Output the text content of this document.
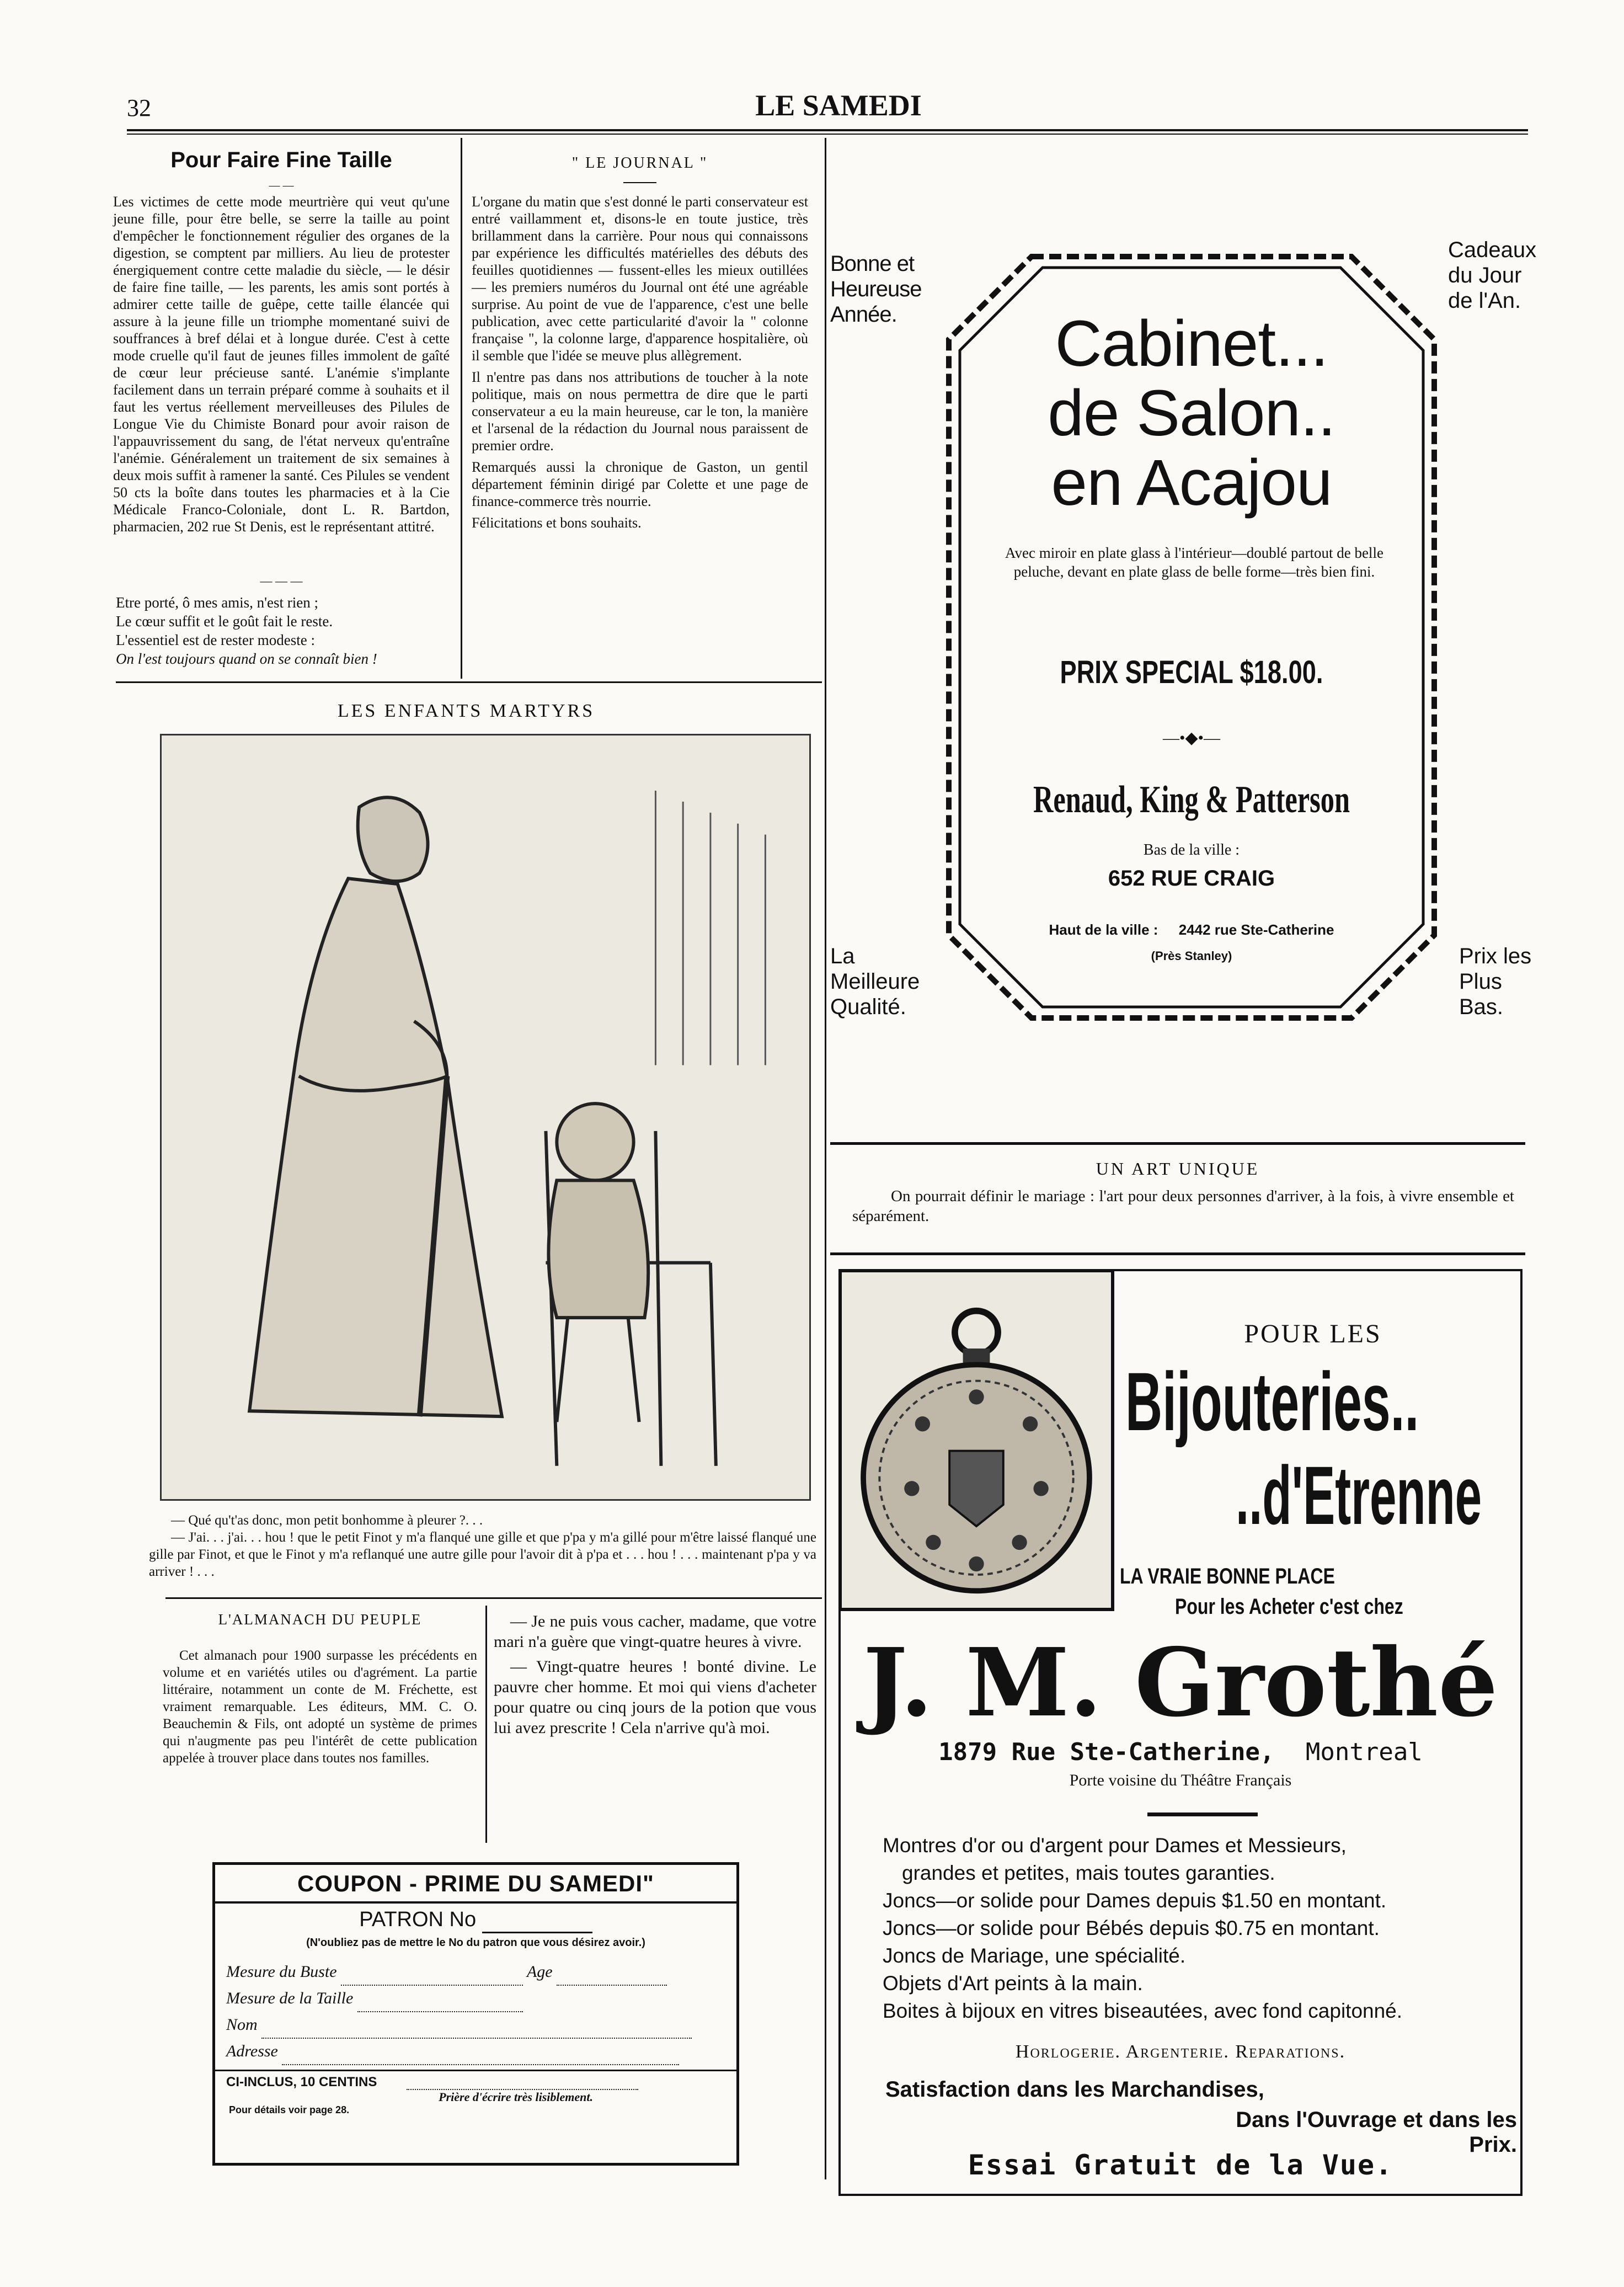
32	LE SAMEDI
Pour Faire Fine Taille
— —
Les victimes de cette mode meurtrière qui veut qu'une jeune fille, pour être belle, se serre la taille au point d'empêcher le fonctionnement régulier des organes de la digestion, se comptent par milliers. Au lieu de protester énergiquement contre cette maladie du siècle, — le désir de faire fine taille, — les parents, les amis sont portés à admirer cette taille de guêpe, cette taille élancée qui assure à la jeune fille un triomphe momentané suivi de souffrances à bref délai et à longue durée. C'est à cette mode cruelle qu'il faut de jeunes filles immolent de gaîté de cœur leur précieuse santé. L'anémie s'implante facilement dans un terrain préparé comme à souhaits et il faut les vertus réellement merveilleuses des Pilules de Longue Vie du Chimiste Bonard pour avoir raison de l'appauvrissement du sang, de l'état nerveux qu'entraîne l'anémie. Généralement un traitement de six semaines à deux mois suffit à ramener la santé. Ces Pilules se vendent 50 cts la boîte dans toutes les pharmacies et à la Cie Médicale Franco-Coloniale, dont L. R. Bartdon, pharmacien, 202 rue St Denis, est le représentant attitré.
— — —
Etre porté, ô mes amis, n'est rien ;
Le cœur suffit et le goût fait le reste.
L'essentiel est de rester modeste :
On l'est toujours quand on se connaît bien !
" LE JOURNAL "

L'organe du matin que s'est donné le parti conservateur est entré vaillamment et, disons-le en toute justice, très brillamment dans la carrière. Pour nous qui connaissons par expérience les difficultés matérielles des débuts des feuilles quotidiennes — fussent-elles les mieux outillées — les premiers numéros du Journal ont été une agréable surprise. Au point de vue de l'apparence, c'est une belle publication, avec cette particularité d'avoir la " colonne française ", la colonne large, d'apparence hospitalière, où il semble que l'idée se meuve plus allègrement.

Il n'entre pas dans nos attributions de toucher à la note politique, mais on nous permettra de dire que le parti conservateur a eu la main heureuse, car le ton, la manière et l'arsenal de la rédaction du Journal nous paraissent de premier ordre.

Remarqués aussi la chronique de Gaston, un gentil département féminin dirigé par Colette et une page de finance-commerce très nourrie.

Félicitations et bons souhaits.

LES ENFANTS MARTYRS
— Qué qu't'as donc, mon petit bonhomme à pleurer ?. . .
— J'ai. . . j'ai. . . hou ! que le petit Finot y m'a flanqué une gille et que p'pa y m'a gillé pour m'être laissé flanqué une gille par Finot, et que le Finot y m'a reflanqué une autre gille pour l'avoir dit à p'pa et . . . hou ! . . . maintenant p'pa y va arriver ! . . .
L'ALMANACH DU PEUPLE
Cet almanach pour 1900 surpasse les précédents en volume et en variétés utiles ou d'agrément. La partie littéraire, notamment un conte de M. Fréchette, est vraiment remarquable. Les éditeurs, MM. C. O. Beauchemin & Fils, ont adopté un système de primes qui n'augmente pas peu l'intérêt de cette publication appelée à trouver place dans toutes nos familles.

— Je ne puis vous cacher, madame, que votre mari n'a guère que vingt-quatre heures à vivre.

— Vingt-quatre heures ! bonté divine. Le pauvre cher homme. Et moi qui viens d'acheter pour quatre ou cinq jours de la potion que vous lui avez prescrite ! Cela n'arrive qu'à moi.

COUPON - PRIME DU SAMEDI"
PATRON No
(N'oubliez pas de mettre le No du patron que vous désirez avoir.)
Mesure du Buste	Age
Mesure de la Taille
Nom
Adresse
CI-INCLUS, 10 CENTINS
Prière d'écrire très lisiblement.
Pour détails voir page 28.
Bonne et
Heureuse
Année.
Cadeaux
du Jour
de l'An.
La
Meilleure
Qualité.
Prix les
Plus
Bas.
Cabinet...
de Salon..
en Acajou
Avec miroir en plate glass à l'intérieur—doublé partout de belle peluche, devant en plate glass de belle forme—très bien fini.
PRIX SPECIAL $18.00.
—•◆•—
Renaud, King & Patterson
Bas de la ville :
652 RUE CRAIG
Haut de la ville : 2442 rue Ste-Catherine
(Près Stanley)
UN ART UNIQUE
On pourrait définir le mariage : l'art pour deux personnes d'arriver, à la fois, à vivre ensemble et séparément.
POUR LES
Bijouteries..
..d'Etrenne
LA VRAIE BONNE PLACE
Pour les Acheter c'est chez
J. M. Grothé
1879 Rue Ste-Catherine, Montreal
Porte voisine du Théâtre Français
Montres d'or ou d'argent pour Dames et Messieurs,
grandes et petites, mais toutes garanties.
Joncs—or solide pour Dames depuis $1.50 en montant.
Joncs—or solide pour Bébés depuis $0.75 en montant.
Joncs de Mariage, une spécialité.
Objets d'Art peints à la main.
Boites à bijoux en vitres biseautées, avec fond capitonné.
Horlogerie. Argenterie. Reparations.
Satisfaction dans les Marchandises,
Dans l'Ouvrage et dans les Prix.
Essai Gratuit de la Vue.
